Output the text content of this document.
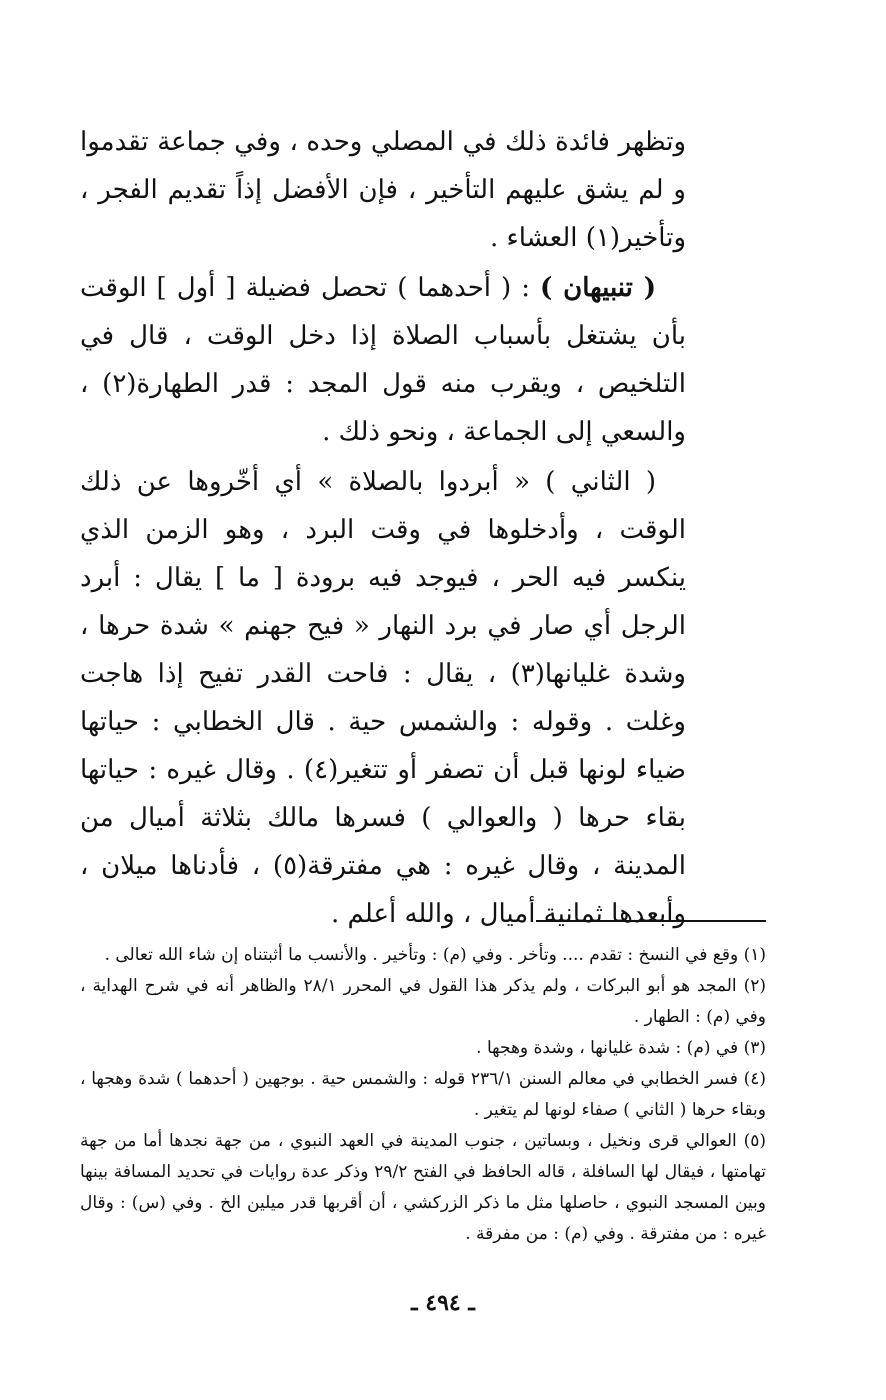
وتظهر فائدة ذلك في المصلي وحده ، وفي جماعة تقدموا و لم يشق عليهم التأخير ، فإن الأفضل إذاً تقديم الفجر ، وتأخير(١) العشاء .

( تنبيهان ) : ( أحدهما ) تحصل فضيلة [ أول ] الوقت بأن يشتغل بأسباب الصلاة إذا دخل الوقت ، قال في التلخيص ، ويقرب منه قول المجد : قدر الطهارة(٢) ، والسعي إلى الجماعة ، ونحو ذلك .

( الثاني ) « أبردوا بالصلاة » أي أخّروها عن ذلك الوقت ، وأدخلوها في وقت البرد ، وهو الزمن الذي ينكسر فيه الحر ، فيوجد فيه برودة [ ما ] يقال : أبرد الرجل أي صار في برد النهار « فيح جهنم » شدة حرها ، وشدة غليانها(٣) ، يقال : فاحت القدر تفيح إذا هاجت وغلت . وقوله : والشمس حية . قال الخطابي : حياتها ضياء لونها قبل أن تصفر أو تتغير(٤) . وقال غيره : حياتها بقاء حرها ( والعوالي ) فسرها مالك بثلاثة أميال من المدينة ، وقال غيره : هي مفترقة(٥) ، فأدناها ميلان ، وأبعدها ثمانية أميال ، والله أعلم .

(١) وقع في النسخ : تقدم .... وتأخر . وفي (م) : وتأخير . والأنسب ما أثبتناه إن شاء الله تعالى .

(٢) المجد هو أبو البركات ، ولم يذكر هذا القول في المحرر ٢٨/١ والظاهر أنه في شرح الهداية ، وفي (م) : الطهار .

(٣) في (م) : شدة غليانها ، وشدة وهجها .

(٤) فسر الخطابي في معالم السنن ٢٣٦/١ قوله : والشمس حية . بوجهين ( أحدهما ) شدة وهجها ، وبقاء حرها ( الثاني ) صفاء لونها لم يتغير .

(٥) العوالي قرى ونخيل ، وبساتين ، جنوب المدينة في العهد النبوي ، من جهة نجدها أما من جهة تهامتها ، فيقال لها السافلة ، قاله الحافظ في الفتح ٢٩/٢ وذكر عدة روايات في تحديد المسافة بينها وبين المسجد النبوي ، حاصلها مثل ما ذكر الزركشي ، أن أقربها قدر ميلين الخ . وفي (س) : وقال غيره : من مفترقة . وفي (م) : من مفرقة .

ـ ٤٩٤ ـ
